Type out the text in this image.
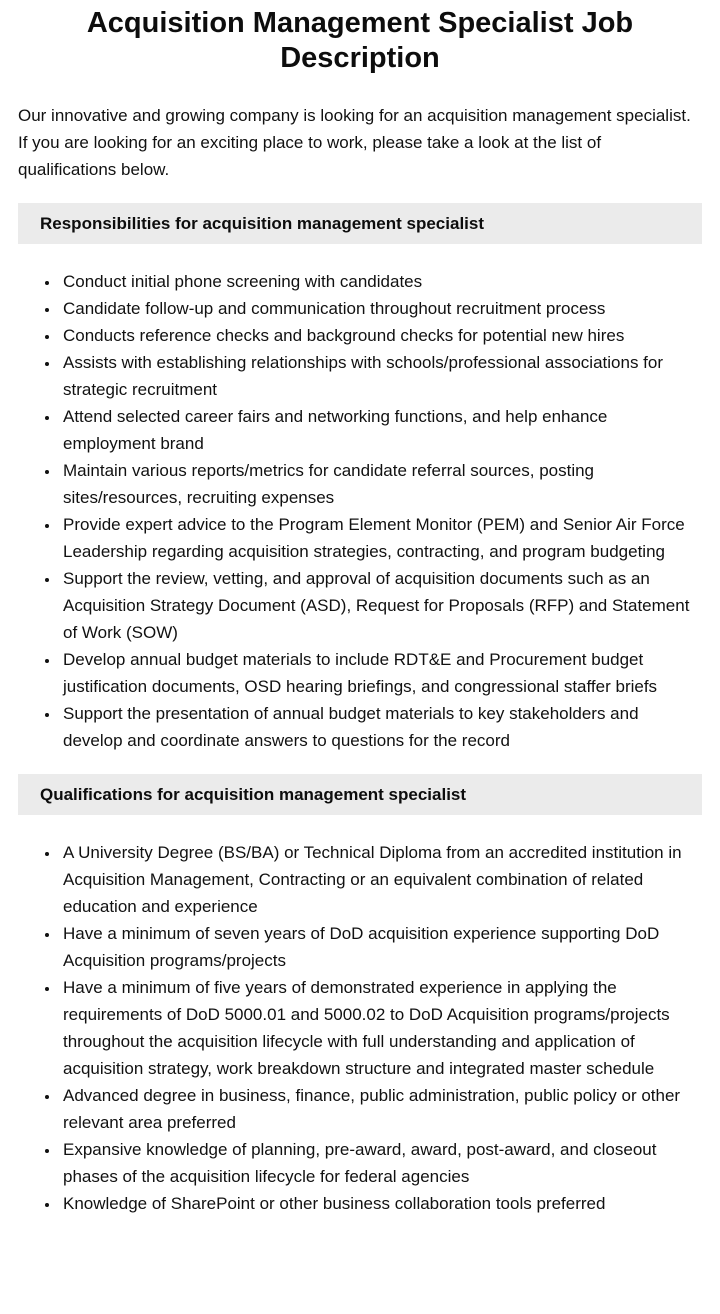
Acquisition Management Specialist Job Description

Our innovative and growing company is looking for an acquisition management specialist. If you are looking for an exciting place to work, please take a look at the list of qualifications below.

Responsibilities for acquisition management specialist
• Conduct initial phone screening with candidates
• Candidate follow-up and communication throughout recruitment process
• Conducts reference checks and background checks for potential new hires
• Assists with establishing relationships with schools/professional associations for strategic recruitment
• Attend selected career fairs and networking functions, and help enhance employment brand
• Maintain various reports/metrics for candidate referral sources, posting sites/resources, recruiting expenses
• Provide expert advice to the Program Element Monitor (PEM) and Senior Air Force Leadership regarding acquisition strategies, contracting, and program budgeting
• Support the review, vetting, and approval of acquisition documents such as an Acquisition Strategy Document (ASD), Request for Proposals (RFP) and Statement of Work (SOW)
• Develop annual budget materials to include RDT&E and Procurement budget justification documents, OSD hearing briefings, and congressional staffer briefs
• Support the presentation of annual budget materials to key stakeholders and develop and coordinate answers to questions for the record
Qualifications for acquisition management specialist
• A University Degree (BS/BA) or Technical Diploma from an accredited institution in Acquisition Management, Contracting or an equivalent combination of related education and experience
• Have a minimum of seven years of DoD acquisition experience supporting DoD Acquisition programs/projects
• Have a minimum of five years of demonstrated experience in applying the requirements of DoD 5000.01 and 5000.02 to DoD Acquisition programs/projects throughout the acquisition lifecycle with full understanding and application of acquisition strategy, work breakdown structure and integrated master schedule
• Advanced degree in business, finance, public administration, public policy or other relevant area preferred
• Expansive knowledge of planning, pre-award, award, post-award, and closeout phases of the acquisition lifecycle for federal agencies
• Knowledge of SharePoint or other business collaboration tools preferred
